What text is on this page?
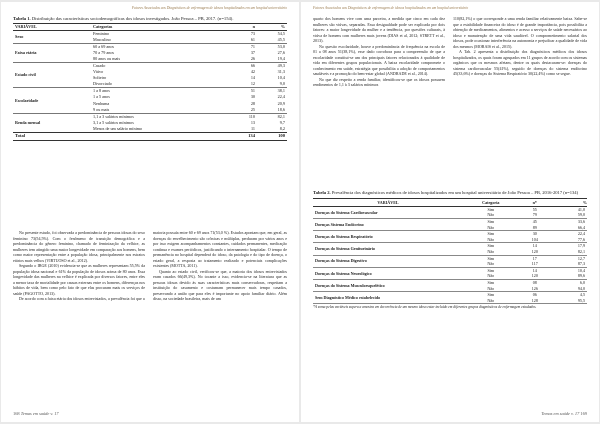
Fatores Associados aos Diagnósticos de enfermagem de idosos hospitalizados em um hospital universitário
Tabela 1. Distribuição das características sociodemográficas dos idosos investigados. João Pessoa – PB, 2017. (n=154).
VARIÁVEL	Categorias	n	%
Sexo	Feminino	73	54,5
	Masculino	61	45,5
Faixa etária	60 a 69 anos	71	53,0
	70 a 79 anos	37	27,6
	80 anos ou mais	26	19,4
Estado civil	Casado	66	49,3
	Viúvo	42	31,3
	Solteiro	14	10,4
	Divorciado	12	9,0
Escolaridade	1 a 8 anos	51	38,1
	1 a 5 anos	30	22,4
	Nenhuma	28	20,9
	9 ou mais	25	18,6
Renda mensal	1,1 a 3 salários mínimos	110	82,1
	3,1 a 5 salários mínimos	13	9,7
	Menos de um salário mínimo	11	8,2
Total		134	100

No presente estudo, foi observada a predominância de pessoas idosas do sexo feminino 73(54,5%). Com o fenômeno de transição demográfica e a predominância do gênero feminino, chamado de feminização da velhice, as mulheres tem atingido uma maior longevidade em comparação aos homens, bem como maior representação entre a população idosa, principalmente nos estratos etários mais velhos (VIRTUOSO et al., 2012).

Segundo o IBGE (2010) evidencia-se que as mulheres representam 55,5% da população idosa nacional e 61% da população de idosos acima de 80 anos. Essa longevidade das mulheres na velhice é explicada por diversos fatores, entre eles a menor taxa de mortalidade por causas externas entre os homens, diferenças nos hábitos de vida, bem como pelo fato de que elas procuram mais os serviços de saúde (PAGOTTO, 2013).

De acordo com a faixa etária dos idosos entrevistados, a prevalência foi que a

maioria possuía entre 60 e 69 anos 71(53,0 %). Estudos apontam que, em geral, as doenças do envelhecimento são crônicas e múltiplas, perduram por vários anos e por isso exigem acompanhamentos constantes, cuidados permanentes, medicação contínua e exames periódicos, justificando o internamento hospitalar. O tempo de permanência no hospital dependerá do idoso, da patologia e do tipo de doença, o estado geral, a resposta ao tratamento realizado e potenciais complicações existentes (MOTTA, 2011).

Quanto ao estado civil, verificou-se que, a maioria dos idosos entrevistados eram casados 66(49,3%). No tocante a isso, evidencia-se na literatura que as pessoas idosas devido às suas características mais conservadoras, respeitam a instituição do casamento e costumam permanecer mais tempo casados, preservando a união que para eles é importante no apoio familiar diário. Além disso, na sociedade brasileira, mais de um

168 Temas em saúde v. 17
Fatores Associados aos Diagnósticos de enfermagem de idosos hospitalizados em um hospital universitário

quarto dos homens vive com uma parceira, a medida que cinco em cada dez mulheres são viúvas, separadas. Essa desigualdade pode ser explicada por dois fatores: a maior longevidade da mulher e a tendência, por questões culturais, à viúva de homens com mulheres mais jovens (DIAS et al, 2012; STRETT et al., 2013).

No quesito escolaridade, houve a predominância de frequência na escola de 01 a 08 anos 51(38,1%), esse dado corrobora para a compreensão de que a escolaridade constitui-se um dos principais fatores relacionados à qualidade de vida em diferentes grupos populacionais. A baixa escolaridade compromete o conhecimento em saúde, estratégia que possibilita a adoção de comportamentos saudáveis e a promoção do bem-estar global (ANDRADE et al., 2014).

No que diz respeito a renda familiar, identificou-se que os idosos possuem rendimentos de 1,1 à 3 salários mínimos

110(82,1%) o que corresponde a uma renda familiar relativamente baixa. Sabe-se que a estabilidade financeira do idoso é de grande importância, pois possibilita a obtenção de medicamentos, alimentos e acesso a serviços de saúde necessários ao idoso e manutenção de uma vida saudável. O comprometimento salarial dos idosos, pode ocasionar interferência na autonomia e prejudicar a qualidade de vida dos mesmos (MORAIS et al., 2015).

A Tab. 2 apresenta a distribuição dos diagnósticos médicos dos idosos hospitalizados, os quais foram agrupados em 11 grupos de acordo com os sistemas orgânicos que os mesmos afetam, dentre os quais destacaram-se: doenças do sistema cardiovascular 55(41%), seguido de doenças do sistema endócrino 45(33,6%) e doenças do Sistema Respiratório 30(22,4%) como se segue.

Tabela 2. Prevalência dos diagnósticos médicos de idosos hospitalizados em um hospital universitário de João Pessoa – PB, 2016-2017 (n=134)
VARIÁVEL	Categoria	n*	%
Doenças do Sistema Cardiovascular	Sim	55	41,0
	Não	79	59,0
Doenças Sistema Endócrino	Sim	45	33,6
	Não	89	66,4
Doenças do Sistema Respiratório	Sim	30	22,4
	Não	104	77,6
Doenças do Sistema Geniturinário	Sim	14	17,9
	Não	120	82,1
Doenças do Sistema Digestivo	Sim	17	12,7
	Não	117	87,3
Doenças do Sistema Neurológico	Sim	14	10,4
	Não	120	89,6
Doenças do Sistema Musculoesquelético	Sim	08	6,0
	Não	126	94,0
Sem Diagnóstico Médico estabelecido	Sim	06	4,5
	Não	128	95,5
*A soma pelas variáveis supera a amostra em decorrência de um mesmo idoso estar incluído em diferentes grupos diagnósticos de enfermagem estudados.
Temas em saúde v. 17 169
